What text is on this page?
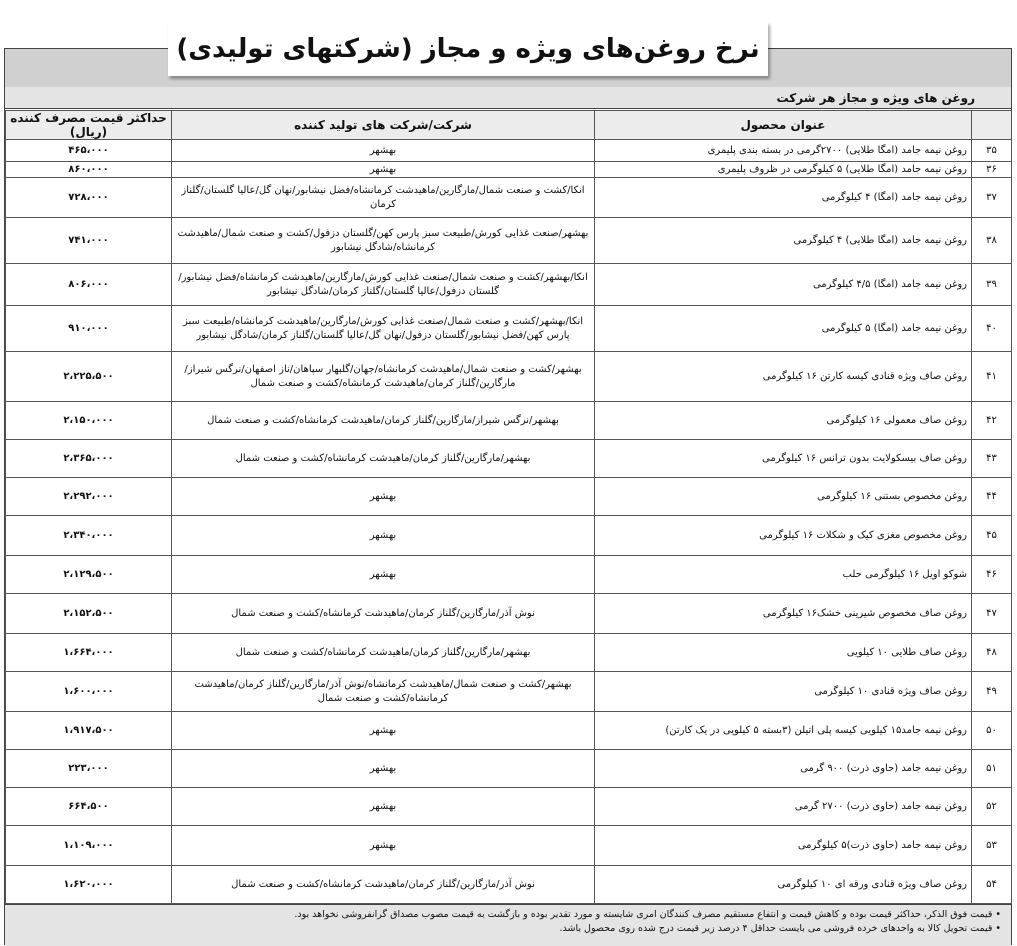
نرخ روغن‌های ویژه و مجاز (شرکتهای تولیدی)
روغن های ویژه و مجاز هر شرکت
	عنوان محصول	شرکت/شرکت های تولید کننده	حداکثر قیمت مصرف کننده (ریال)
۳۵	روغن نیمه جامد (امگا طلایی) ۲۷۰۰گرمی در بسته بندی پلیمری	بهشهر	۴۶۵،۰۰۰
۳۶	روغن نیمه جامد (امگا طلایی) ۵ کیلوگرمی در ظروف پلیمری	بهشهر	۸۶۰،۰۰۰
۳۷	روغن نیمه جامد (امگا) ۴ کیلوگرمی	انکا/کشت و صنعت شمال/مارگارین/ماهیدشت کرمانشاه/فضل نیشابور/نهان گل/عالیا گلستان/گلناز کرمان	۷۲۸،۰۰۰
۳۸	روغن نیمه جامد (امگا طلایی) ۴ کیلوگرمی	بهشهر/صنعت غذایی کورش/طبیعت سبز پارس کهن/گلستان دزفول/کشت و صنعت شمال/ماهیدشت کرمانشاه/شادگل نیشابور	۷۴۱،۰۰۰
۳۹	روغن نیمه جامد (امگا) ۴/۵ کیلوگرمی	انکا/بهشهر/کشت و صنعت شمال/صنعت غذایی کورش/مارگارین/ماهیدشت کرمانشاه/فضل نیشابور/گلستان دزفول/عالیا گلستان/گلناز کرمان/شادگل نیشابور	۸۰۶،۰۰۰
۴۰	روغن نیمه جامد (امگا) ۵ کیلوگرمی	انکا/بهشهر/کشت و صنعت شمال/صنعت غذایی کورش/مارگارین/ماهیدشت کرمانشاه/طبیعت سبز پارس کهن/فضل نیشابور/گلستان دزفول/نهان گل/عالیا گلستان/گلناز کرمان/شادگل نیشابور	۹۱۰،۰۰۰
۴۱	روغن صاف ویژه قنادی کیسه کارتن ۱۶ کیلوگرمی	بهشهر/کشت و صنعت شمال/ماهیدشت کرمانشاه/جهان/گلبهار سپاهان/ناز اصفهان/نرگس شیراز/مارگارین/گلناز کرمان/ماهیدشت کرمانشاه/کشت و صنعت شمال	۲،۲۲۵،۵۰۰
۴۲	روغن صاف معمولی ۱۶ کیلوگرمی	بهشهر/نرگس شیراز/مارگارین/گلناز کرمان/ماهیدشت کرمانشاه/کشت و صنعت شمال	۲،۱۵۰،۰۰۰
۴۳	روغن صاف بیسکولایت بدون ترانس ۱۶ کیلوگرمی	بهشهر/مارگارین/گلناز کرمان/ماهیدشت کرمانشاه/کشت و صنعت شمال	۲،۳۶۵،۰۰۰
۴۴	روغن مخصوص بستنی ۱۶ کیلوگرمی	بهشهر	۲،۲۹۲،۰۰۰
۴۵	روغن مخصوص مغزی کیک و شکلات ۱۶ کیلوگرمی	بهشهر	۲،۳۴۰،۰۰۰
۴۶	شوکو اویل ۱۶ کیلوگرمی حلب	بهشهر	۲،۱۲۹،۵۰۰
۴۷	روغن صاف مخصوص شیرینی خشک۱۶ کیلوگرمی	نوش آذر/مارگارین/گلناز کرمان/ماهیدشت کرمانشاه/کشت و صنعت شمال	۲،۱۵۲،۵۰۰
۴۸	روغن صاف طلایی ۱۰ کیلویی	بهشهر/مارگارین/گلناز کرمان/ماهیدشت کرمانشاه/کشت و صنعت شمال	۱،۶۶۴،۰۰۰
۴۹	روغن صاف ویژه قنادی ۱۰ کیلوگرمی	بهشهر/کشت و صنعت شمال/ماهیدشت کرمانشاه/نوش آذر/مارگارین/گلناز کرمان/ماهیدشت کرمانشاه/کشت و صنعت شمال	۱،۶۰۰،۰۰۰
۵۰	روغن نیمه جامد۱۵ کیلویی کیسه پلی اتیلن (۳بسته ۵ کیلویی در یک کارتن)	بهشهر	۱،۹۱۷،۵۰۰
۵۱	روغن نیمه جامد (حاوی ذرت) ۹۰۰ گرمی	بهشهر	۲۲۳،۰۰۰
۵۲	روغن نیمه جامد (حاوی ذرت) ۲۷۰۰ گرمی	بهشهر	۶۶۴،۵۰۰
۵۳	روغن نیمه جامد (حاوی ذرت)۵ کیلوگرمی	بهشهر	۱،۱۰۹،۰۰۰
۵۴	روغن صاف ویژه قنادی ورقه ای ۱۰ کیلوگرمی	نوش آذر/مارگارین/گلناز کرمان/ماهیدشت کرمانشاه/کشت و صنعت شمال	۱،۶۲۰،۰۰۰
• قیمت فوق الذکر، حداکثر قیمت بوده و کاهش قیمت و انتفاع مستقیم مصرف کنندگان امری شایسته و مورد تقدیر بوده و بازگشت به قیمت مصوب مصداق گرانفروشی نخواهد بود.
• قیمت تحویل کالا به واحدهای خرده فروشی می بایست حداقل ۴ درصد زیر قیمت درج شده روی محصول باشد.
